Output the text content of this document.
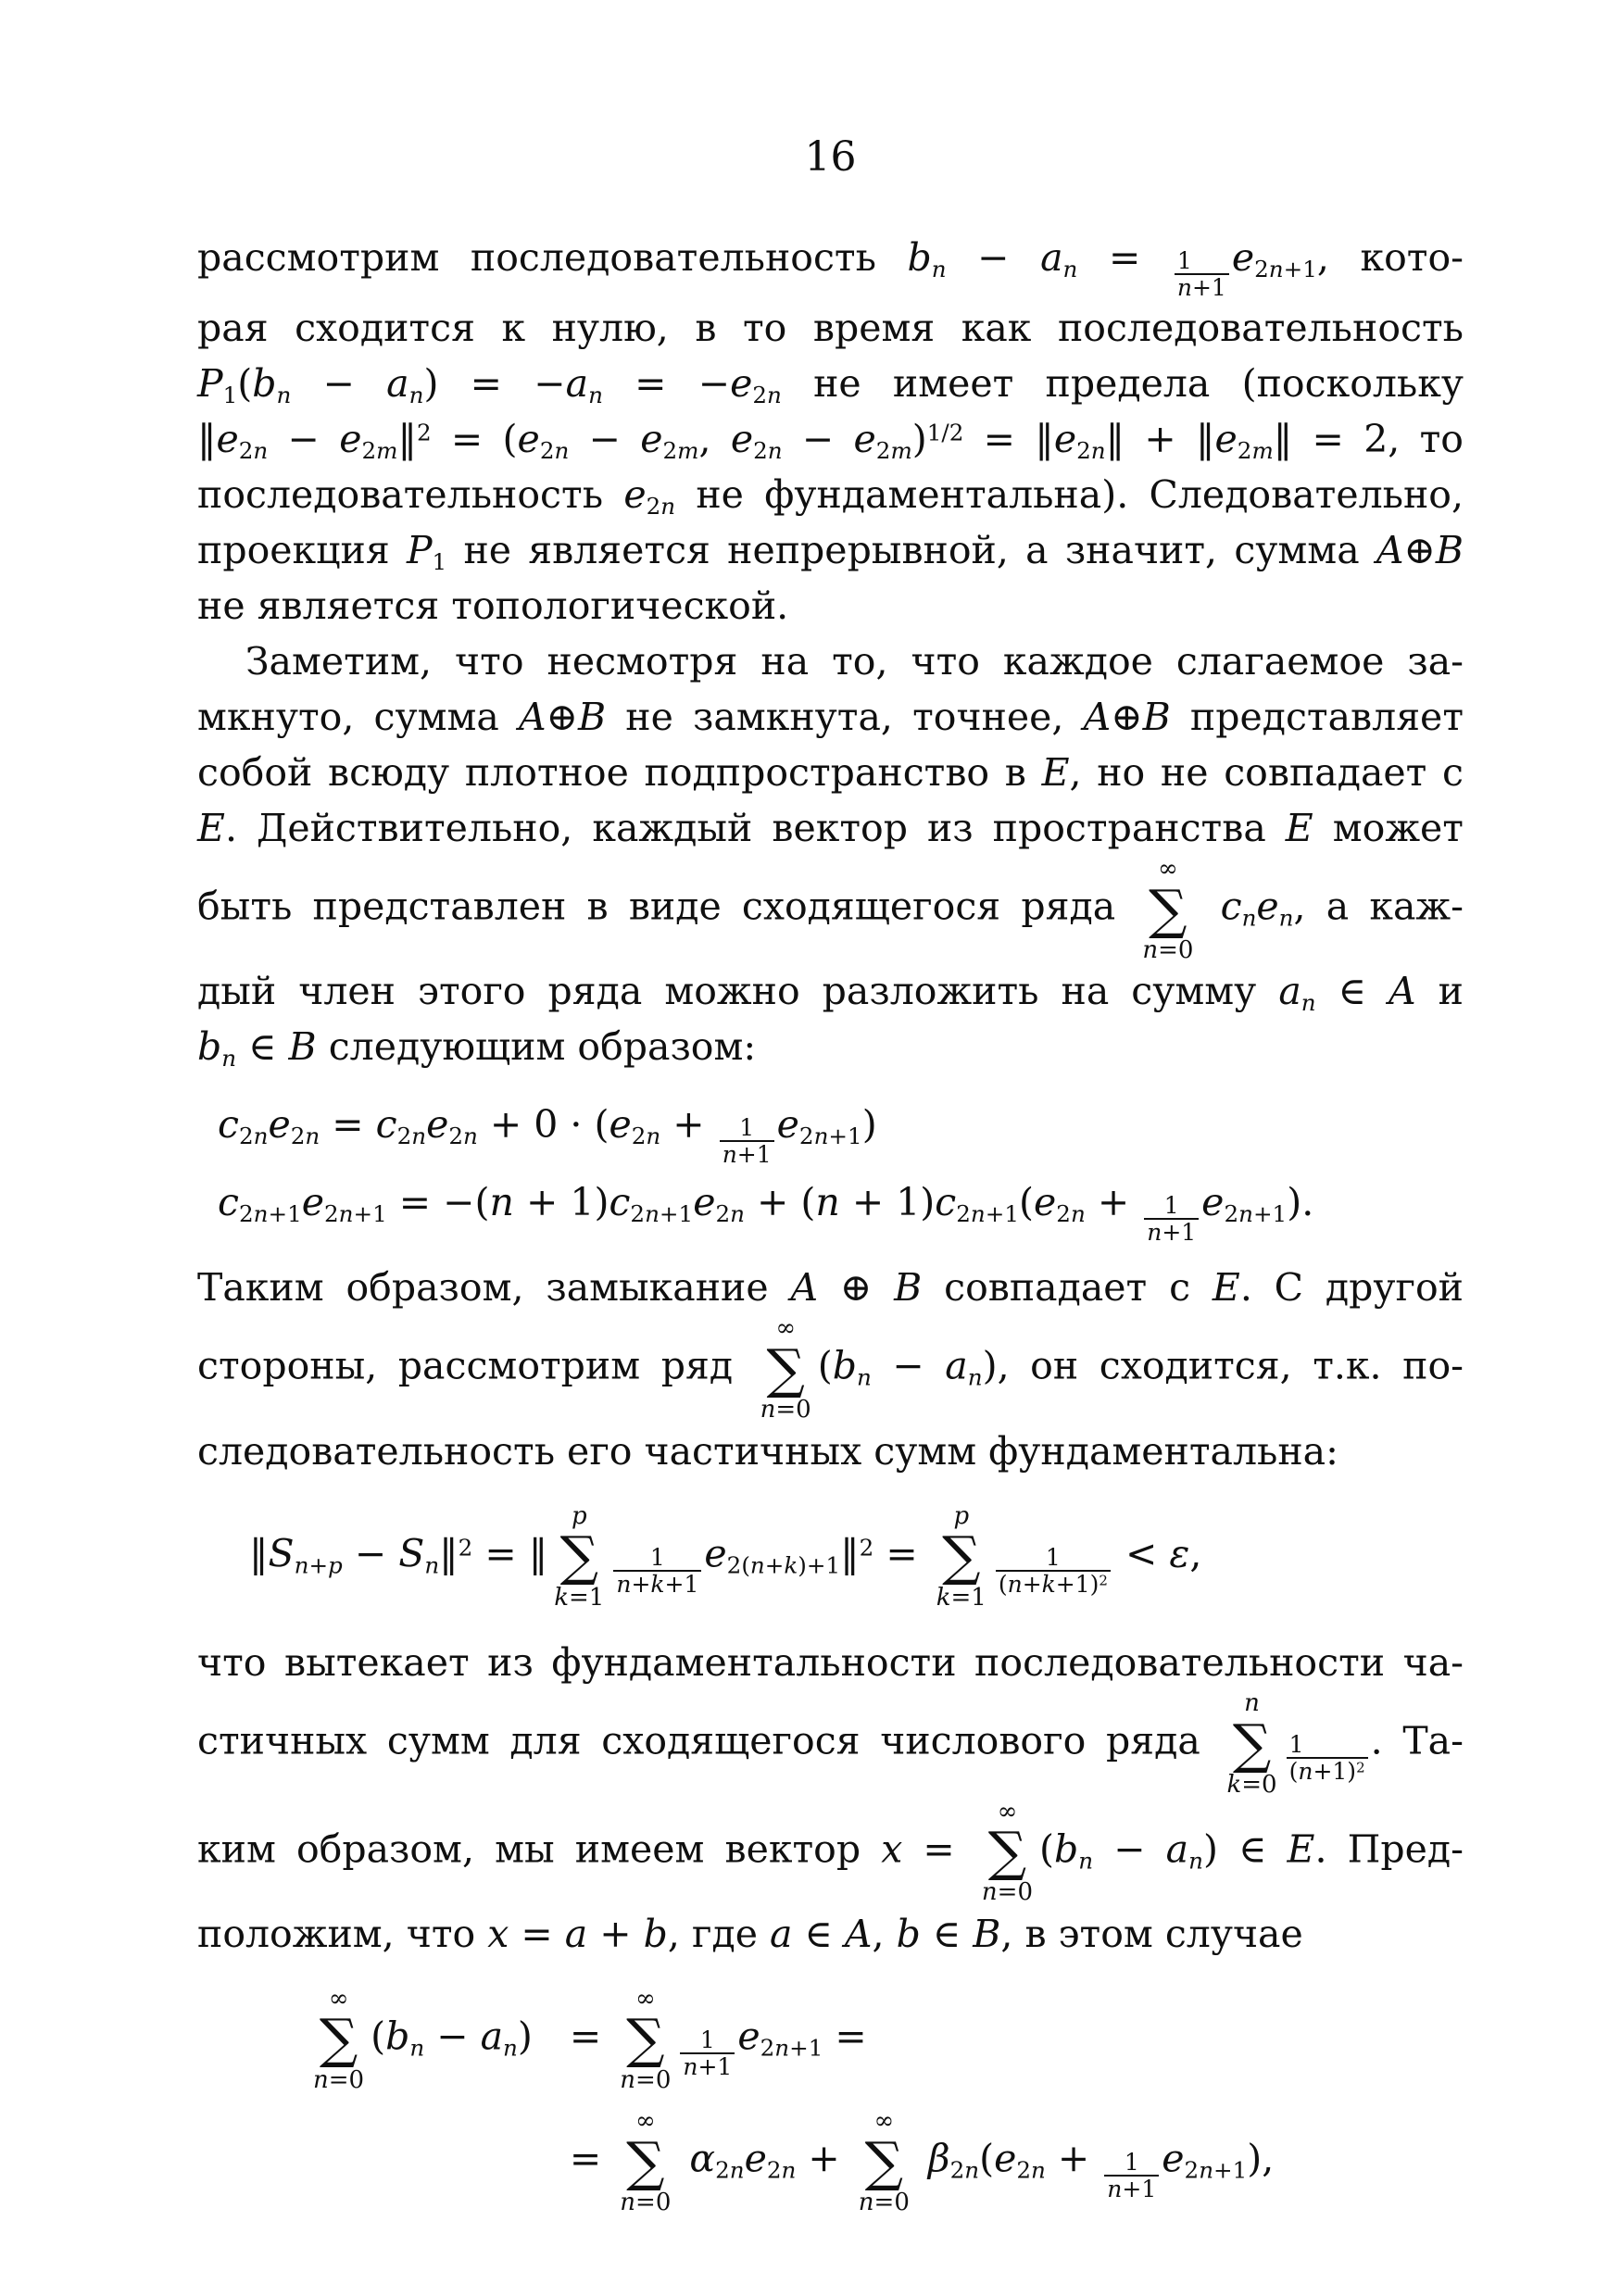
16
рассмотрим последовательность $b_n - a_n = \frac{1}{n+1} e_{2n+1}$, кото-
рая сходится к нулю, в то время как последовательность
$P_1(b_n - a_n) = -a_n = -e_{2n}$ не имеет предела (поскольку
$‖e_{2n}$ − $e_{2m}‖^2 = (e_{2n} - e_{2m}$, $e_{2n} - e_{2m})^{1/2}$ = $‖e_{2n}‖$ + $‖e_{2m}‖ = 2$, то
последовательность $e_{2n}$ не фундаментальна). Следовательно,
проекция $P_1$ не является непрерывной, а значит, сумма A⊕B
не является топологической.
Заметим, что несмотря на то, что каждое слагаемое за-
мкнуто, сумма A⊕B не замкнута, точнее, A⊕B представляет
собой всюду плотное подпространство в E, но не совпадает с
E. Действительно, каждый вектор из пространства E может
быть представлен в виде сходящегося ряда
∞
∑
n=0
$c_ne_n$, а каж-
дый член этого ряда можно разложить на сумму $a_n$ ∈ A и
$b_n$ ∈ B следующим образом:
$c_{2n}e_{2n} = c_{2n}e_{2n} + 0 \cdot (e_{2n} + \frac{1}{n+1} e_{2n+1})$
$c_{2n+1}e_{2n+1} = -(n + 1)c_{2n+1}e_{2n} + (n + 1)c_{2n+1}(e_{2n} + \frac{1}{n+1} e_{2n+1})$.
Таким образом, замыкание A ⊕ B совпадает с E. С другой
стороны, рассмотрим ряд
∞
∑
n=0
$(b_n - a_n)$, он сходится, т.к. по-
следовательность его частичных сумм фундаментальна:
$‖S_{n+p}$ − $S_n‖^2$ = ‖
p
∑
k=1
$\frac{1}{n+k+1}$ $e_{2(n+k)+1}‖^2$ =
p
∑
k=1
$\frac{1}{(n+k+1)^2} < \varepsilon$,
что вытекает из фундаментальности последовательности ча-
стичных сумм для сходящегося числового ряда
n
∑
k=0
$\frac{1}{(n+1)^2}$ . Та-
ким образом, мы имеем вектор x =
∞
∑
n=0
$(b_n - a_n)$ ∈ E. Пред-
положим, что x = a + b, где a ∈ A, b ∈ B, в этом случае
∞
∑
n=0
$(b_n - a_n)$ =
∞
∑
n=0
$\frac{1}{n+1} e_{2n+1}$ =
=
∞
∑
n=0
$\alpha_{2n}e_{2n}$ +
∞
∑
n=0
$\beta_{2n}(e_{2n} + \frac{1}{n+1} e_{2n+1})$,
